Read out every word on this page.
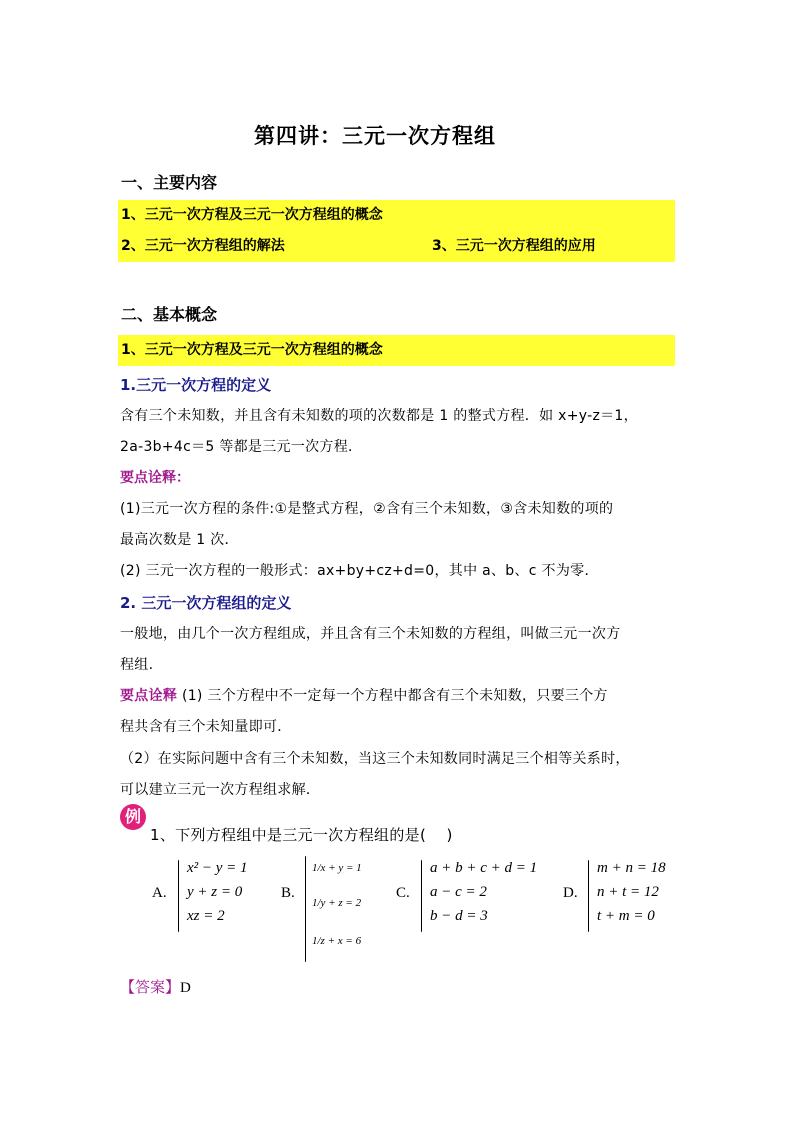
第四讲：三元一次方程组
一、主要内容
1、三元一次方程及三元一次方程组的概念
2、三元一次方程组的解法	3、三元一次方程组的应用
二、基本概念
1、三元一次方程及三元一次方程组的概念
1.三元一次方程的定义
含有三个未知数，并且含有未知数的项的次数都是 1 的整式方程．如 x+y-z＝1，
2a-3b+4c＝5 等都是三元一次方程．
要点诠释：
(1)三元一次方程的条件:①是整式方程，②含有三个未知数，③含未知数的项的
最高次数是 1 次．
(2) 三元一次方程的一般形式：ax+by+cz+d=0，其中 a、b、c 不为零．
2. 三元一次方程组的定义
一般地，由几个一次方程组成，并且含有三个未知数的方程组，叫做三元一次方
程组.
要点诠释 (1) 三个方程中不一定每一个方程中都含有三个未知数，只要三个方
程共含有三个未知量即可．
（2）在实际问题中含有三个未知数，当这三个未知数同时满足三个相等关系时，
可以建立三元一次方程组求解．
例
1、下列方程组中是三元一次方程组的是(　 )
A.
x² − y = 1
y + z = 0
xz = 2
B.
1/x + y = 1
1/y + z = 2
1/z + x = 6
C.
a + b + c + d = 1
a − c = 2
b − d = 3
D.
m + n = 18
n + t = 12
t + m = 0
【答案】D
